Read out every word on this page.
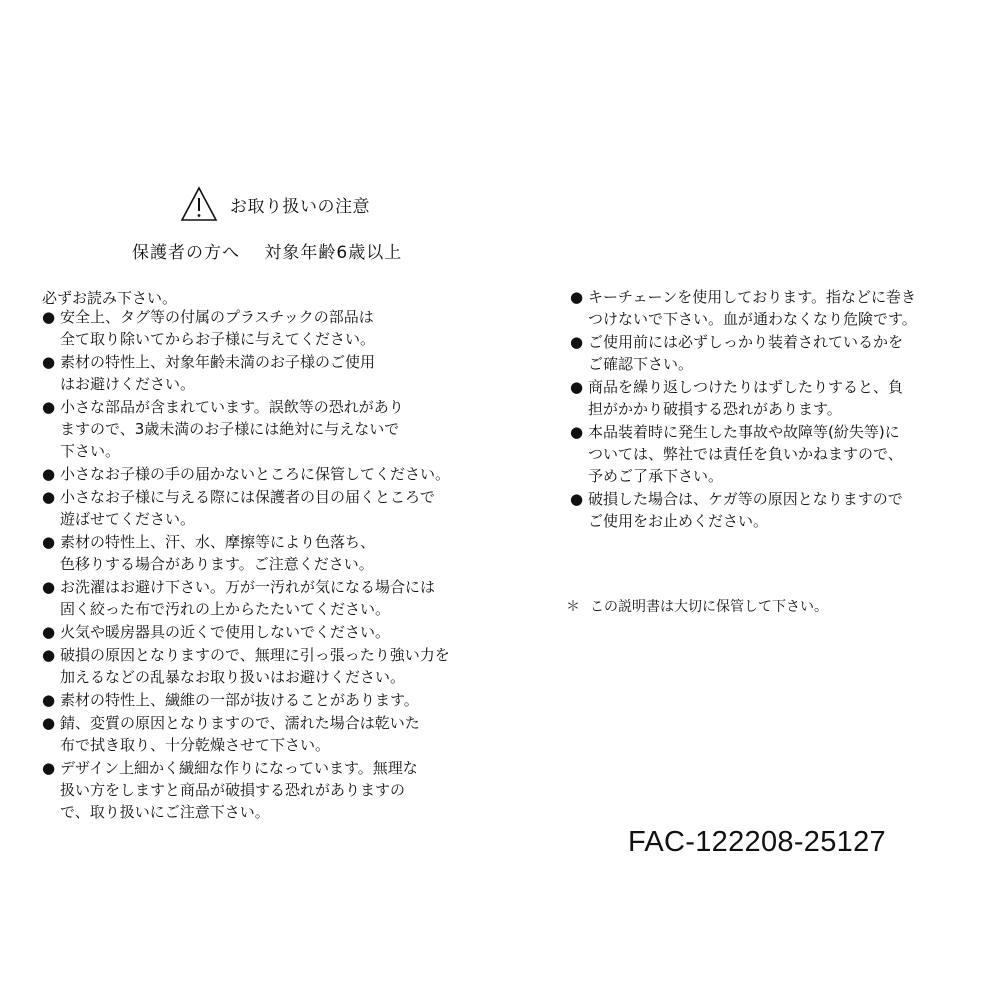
お取り扱いの注意
保護者の方へ　 対象年齢6歳以上
必ずお読み下さい。
● 安全上、タグ等の付属のプラスチックの部品は
全て取り除いてからお子様に与えてください。
● 素材の特性上、対象年齢未満のお子様のご使用
はお避けください。
● 小さな部品が含まれています。誤飲等の恐れがあり
ますので、3歳未満のお子様には絶対に与えないで
下さい。
● 小さなお子様の手の届かないところに保管してください。
● 小さなお子様に与える際には保護者の目の届くところで
遊ばせてください。
● 素材の特性上、汗、水、摩擦等により色落ち、
色移りする場合があります。ご注意ください。
● お洗濯はお避け下さい。万が一汚れが気になる場合には
固く絞った布で汚れの上からたたいてください。
● 火気や暖房器具の近くで使用しないでください。
● 破損の原因となりますので、無理に引っ張ったり強い力を
加えるなどの乱暴なお取り扱いはお避けください。
● 素材の特性上、繊維の一部が抜けることがあります。
● 錆、変質の原因となりますので、濡れた場合は乾いた
布で拭き取り、十分乾燥させて下さい。
● デザイン上細かく繊細な作りになっています。無理な
扱い方をしますと商品が破損する恐れがありますの
で、取り扱いにご注意下さい。
● キーチェーンを使用しております。指などに巻き
つけないで下さい。血が通わなくなり危険です。
● ご使用前には必ずしっかり装着されているかを
ご確認下さい。
● 商品を繰り返しつけたりはずしたりすると、負
担がかかり破損する恐れがあります。
● 本品装着時に発生した事故や故障等(紛失等)に
ついては、弊社では責任を負いかねますので、
予めご了承下さい。
● 破損した場合は、ケガ等の原因となりますので
ご使用をお止めください。
＊ この説明書は大切に保管して下さい。
FAC-122208-25127
